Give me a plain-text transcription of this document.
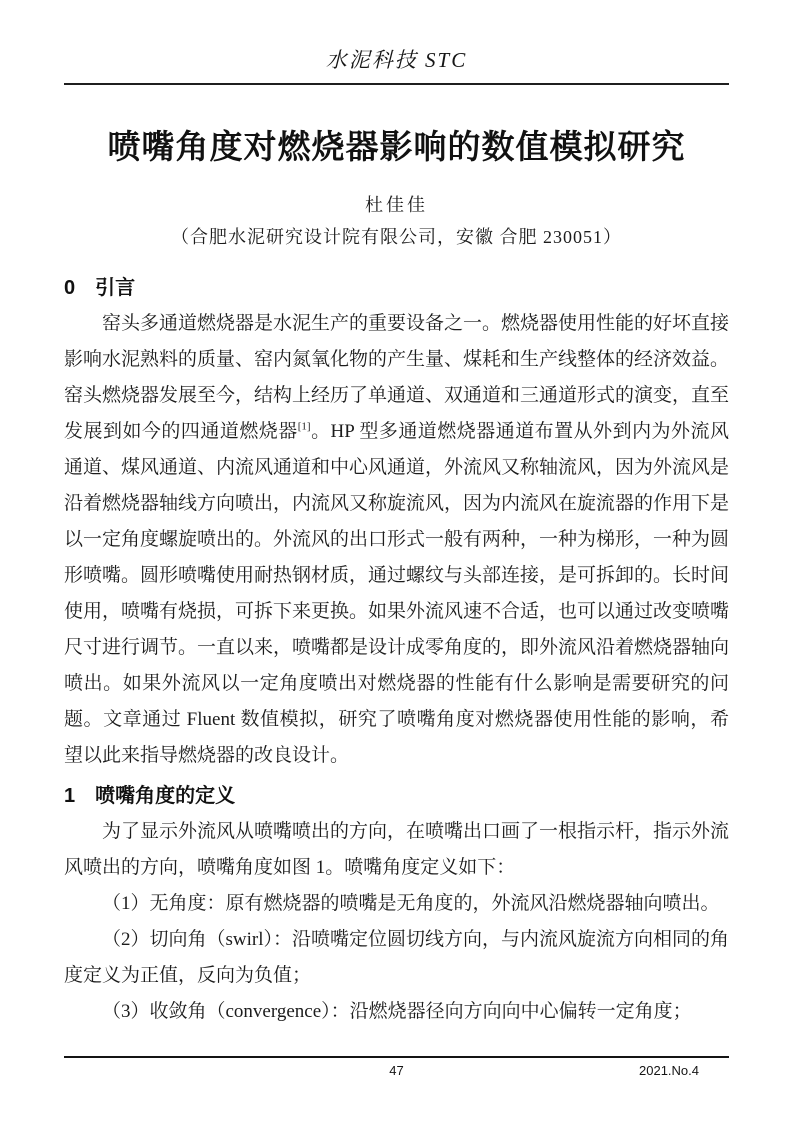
水泥科技 STC
喷嘴角度对燃烧器影响的数值模拟研究
杜佳佳
（合肥水泥研究设计院有限公司，安徽 合肥 230051）
0　引言

窑头多通道燃烧器是水泥生产的重要设备之一。燃烧器使用性能的好坏直接影响水泥熟料的质量、窑内氮氧化物的产生量、煤耗和生产线整体的经济效益。窑头燃烧器发展至今，结构上经历了单通道、双通道和三通道形式的演变，直至发展到如今的四通道燃烧器[1]。HP 型多通道燃烧器通道布置从外到内为外流风通道、煤风通道、内流风通道和中心风通道，外流风又称轴流风，因为外流风是沿着燃烧器轴线方向喷出，内流风又称旋流风，因为内流风在旋流器的作用下是以一定角度螺旋喷出的。外流风的出口形式一般有两种，一种为梯形，一种为圆形喷嘴。圆形喷嘴使用耐热钢材质，通过螺纹与头部连接，是可拆卸的。长时间使用，喷嘴有烧损，可拆下来更换。如果外流风速不合适，也可以通过改变喷嘴尺寸进行调节。一直以来，喷嘴都是设计成零角度的，即外流风沿着燃烧器轴向喷出。如果外流风以一定角度喷出对燃烧器的性能有什么影响是需要研究的问题。文章通过 Fluent 数值模拟，研究了喷嘴角度对燃烧器使用性能的影响，希望以此来指导燃烧器的改良设计。

1　喷嘴角度的定义

为了显示外流风从喷嘴喷出的方向，在喷嘴出口画了一根指示杆，指示外流风喷出的方向，喷嘴角度如图 1。喷嘴角度定义如下：

（1）无角度：原有燃烧器的喷嘴是无角度的，外流风沿燃烧器轴向喷出。

（2）切向角（swirl）：沿喷嘴定位圆切线方向，与内流风旋流方向相同的角度定义为正值，反向为负值；

（3）收敛角（convergence）：沿燃烧器径向方向向中心偏转一定角度；

47	2021.No.4
